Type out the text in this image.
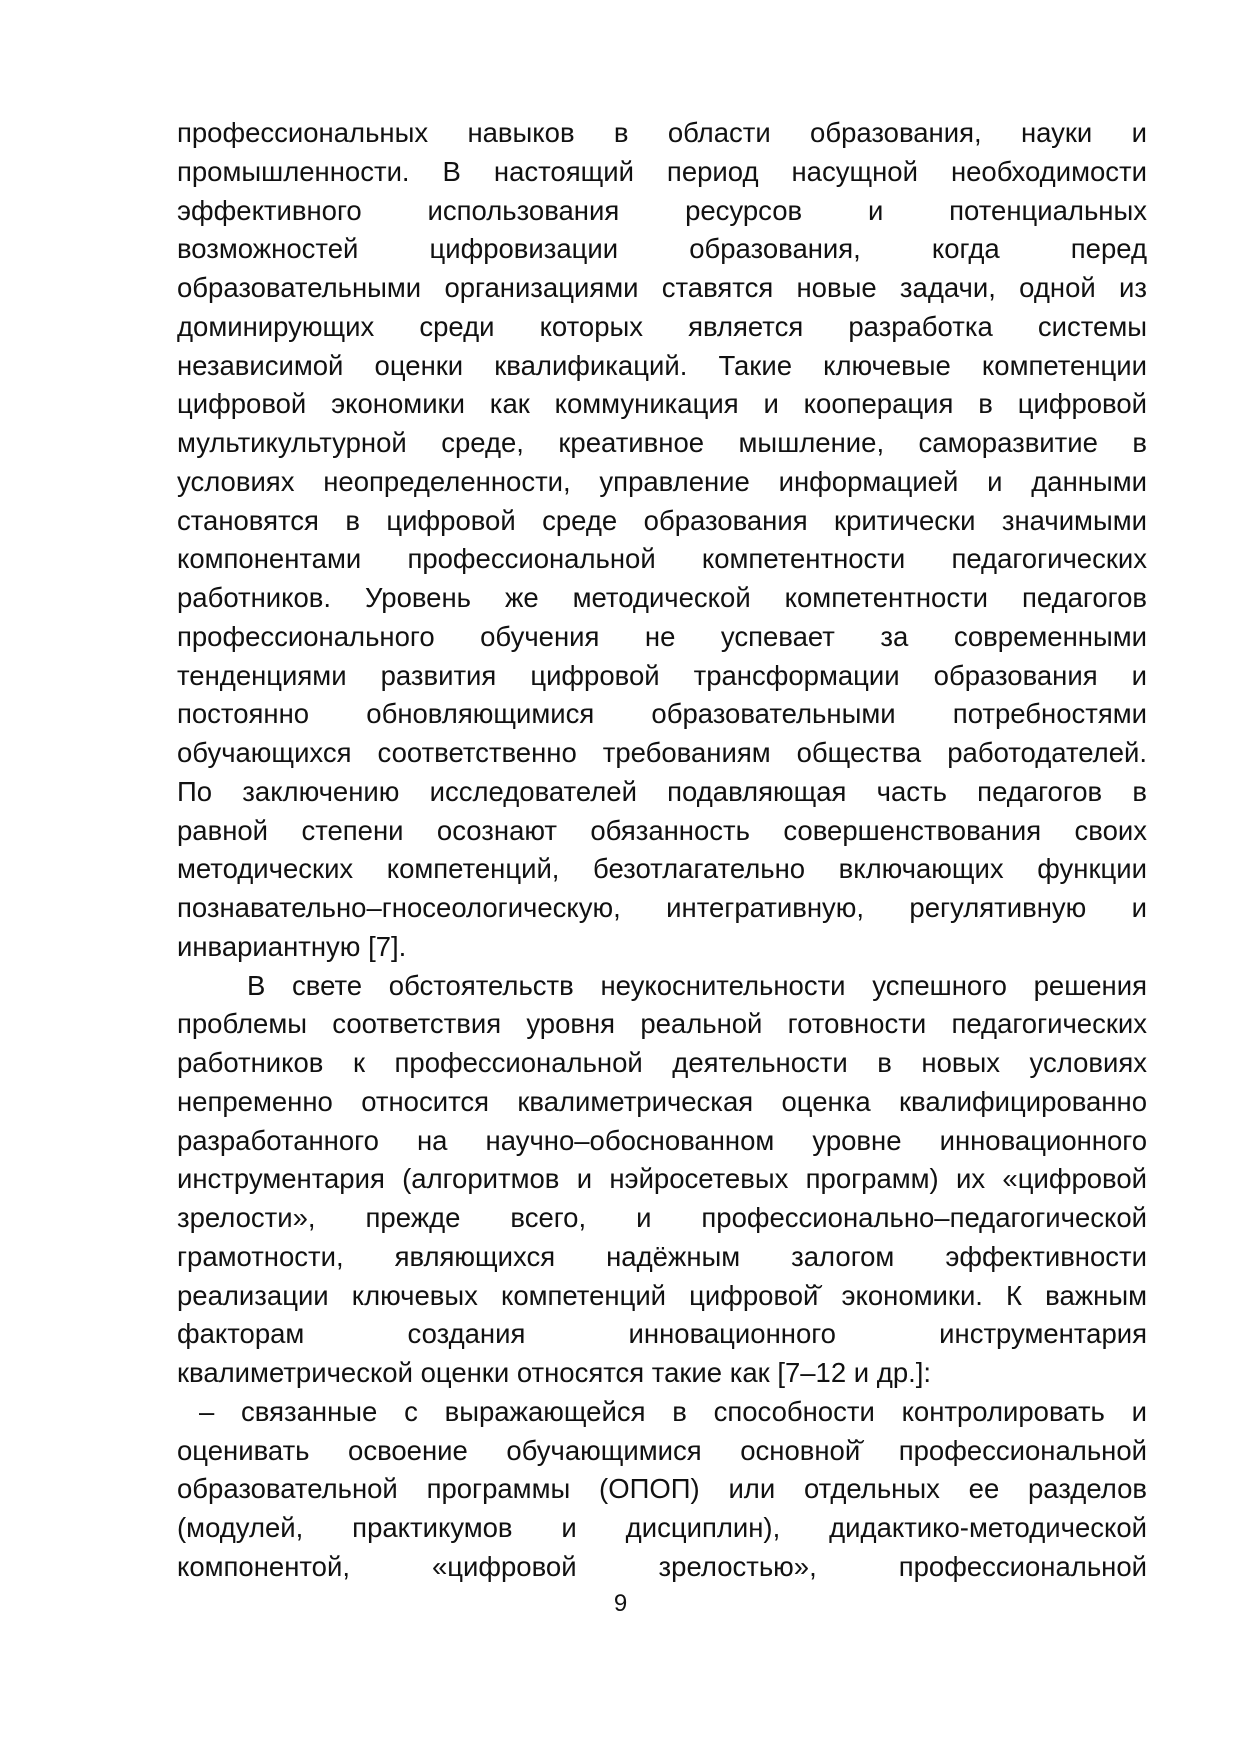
профессиональных навыков в области образования, науки и
промышленности. В настоящий период насущной необходимости
эффективного использования ресурсов и потенциальных
возможностей цифровизации образования, когда перед
образовательными организациями ставятся новые задачи, одной из
доминирующих среди которых является разработка системы
независимой оценки квалификаций. Такие ключевые компетенции
цифровой экономики как коммуникация и кооперация в цифровой
мультикультурной среде, креативное мышление, саморазвитие в
условиях неопределенности, управление информацией и данными
становятся в цифровой среде образования критически значимыми
компонентами профессиональной компетентности педагогических
работников. Уровень же методической компетентности педагогов
профессионального обучения не успевает за современными
тенденциями развития цифровой трансформации образования и
постоянно обновляющимися образовательными потребностями
обучающихся соответственно требованиям общества работодателей.
По заключению исследователей подавляющая часть педагогов в
равной степени осознают обязанность совершенствования своих
методических компетенций, безотлагательно включающих функции
познавательно–гносеологическую, интегративную, регулятивную и
инвариантную [7].
В свете обстоятельств неукоснительности успешного решения
проблемы соответствия уровня реальной готовности педагогических
работников к профессиональной деятельности в новых условиях
непременно относится квалиметрическая оценка квалифицированно
разработанного на научно–обоснованном уровне инновационного
инструментария (алгоритмов и нэйросетевых программ) их «цифровой
зрелости», прежде всего, и профессионально–педагогической
грамотности, являющихся надёжным залогом эффективности
реализации ключевых компетенций цифровой̆ экономики. К важным
факторам создания инновационного инструментария
квалиметрической оценки относятся такие как [7–12 и др.]:
– связанные с выражающейся в способности контролировать и
оценивать освоение обучающимися основной̆ профессиональной
образовательной программы (ОПОП) или отдельных ее разделов
(модулей, практикумов и дисциплин), дидактико-методической
компонентой, «цифровой зрелостью», профессиональной
9
